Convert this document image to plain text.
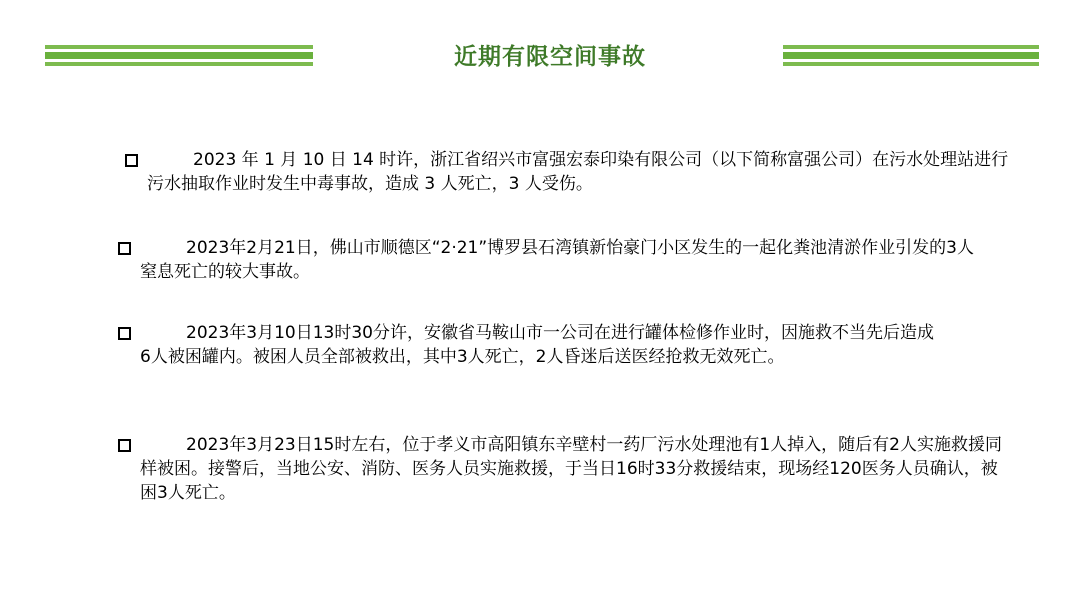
近期有限空间事故
2023 年 1 月 10 日 14 时许，浙江省绍兴市富强宏泰印染有限公司（以下简称富强公司）在污水处理站进行污水抽取作业时发生中毒事故，造成 3 人死亡，3 人受伤。
2023年2月21日，佛山市顺德区“2·21”博罗县石湾镇新怡豪门小区发生的一起化粪池清淤作业引发的3人窒息死亡的较大事故。
2023年3月10日13时30分许，安徽省马鞍山市一公司在进行罐体检修作业时，因施救不当先后造成6人被困罐内。被困人员全部被救出，其中3人死亡，2人昏迷后送医经抢救无效死亡。
2023年3月23日15时左右，位于孝义市高阳镇东辛壁村一药厂污水处理池有1人掉入，随后有2人实施救援同样被困。接警后，当地公安、消防、医务人员实施救援，于当日16时33分救援结束，现场经120医务人员确认，被困3人死亡。
